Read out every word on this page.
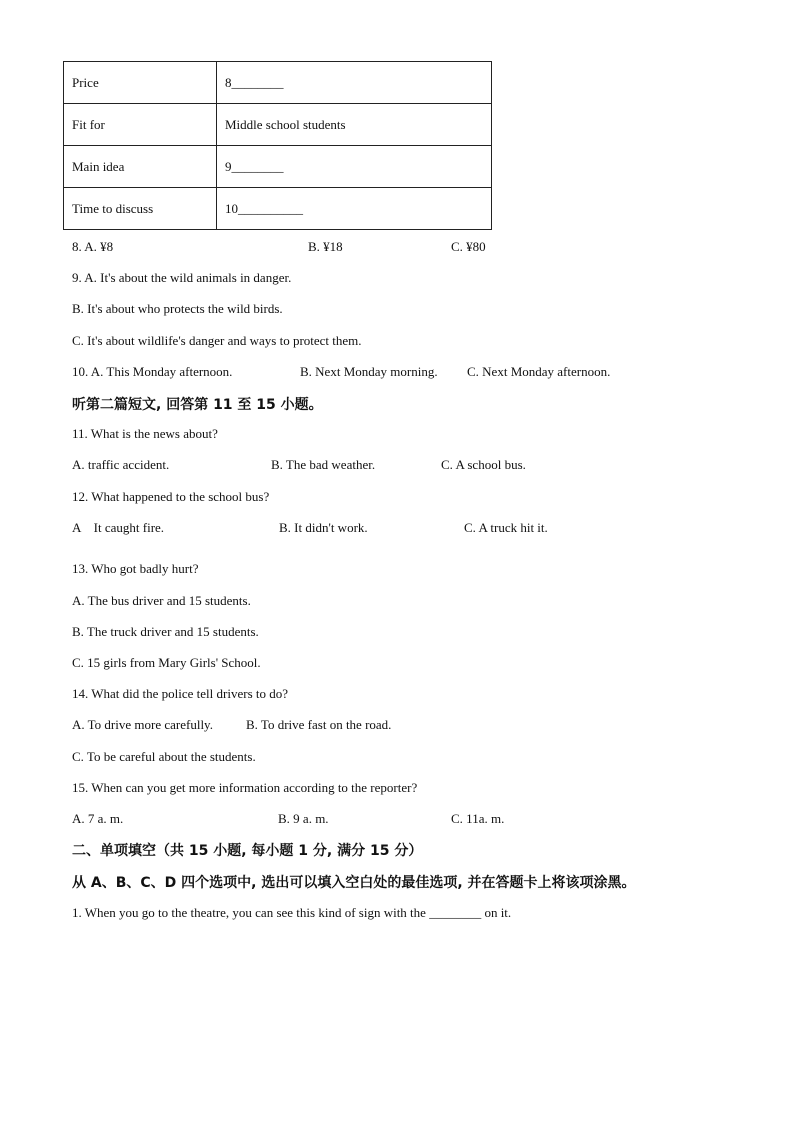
Price	8________
Fit for	Middle school students
Main idea	9________
Time to discuss	10__________
8. A. ¥8	B. ¥18	C. ¥80
9. A. It's about the wild animals in danger.
B. It's about who protects the wild birds.
C. It's about wildlife's danger and ways to protect them.
10. A. This Monday afternoon.	B. Next Monday morning. C. Next Monday afternoon.
听第二篇短文, 回答第 11 至 15 小题。
11. What is the news about?
A. traffic accident.	B. The bad weather.	C. A school bus.
12. What happened to the school bus?
A    It caught fire.	B. It didn't work.	C. A truck hit it.
13. Who got badly hurt?
A. The bus driver and 15 students.
B. The truck driver and 15 students.
C. 15 girls from Mary Girls' School.
14. What did the police tell drivers to do?
A. To drive more carefully.	B. To drive fast on the road.
C. To be careful about the students.
15. When can you get more information according to the reporter?
A. 7 a. m.	B. 9 a. m.	C. 11a. m.
二、单项填空（共 15 小题, 每小题 1 分, 满分 15 分）
从 A、B、C、D 四个选项中, 选出可以填入空白处的最佳选项, 并在答题卡上将该项涂黑。
1. When you go to the theatre, you can see this kind of sign with the ________ on it.
